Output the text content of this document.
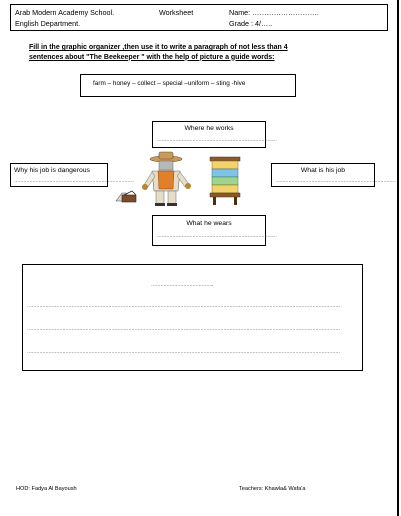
Arab Modern Academy School.	Worksheet	Name: ……………………….
English Department.	Grade : 4/…..
Fill in the graphic organizer ,then use it to write a paragraph of not less than 4
sentences about "The Beekeeper " with the help of picture a guide words:
farm – honey – collect – special –uniform – sting -hive
Where he works
……………………………………………………………………
Why his job is dangerous
……………………………………………………………………
What is his job
……………………………………………………………………
What he wears
……………………………………………………………………
…………………………………..
……………………………………………………………………………………………………………………………………………………………………………………
……………………………………………………………………………………………………………………………………………………………………………………
……………………………………………………………………………………………………………………………………………………………………………………
HOD: Fadya Al Bayoush	Teachers: Khawla& Wafa'a
